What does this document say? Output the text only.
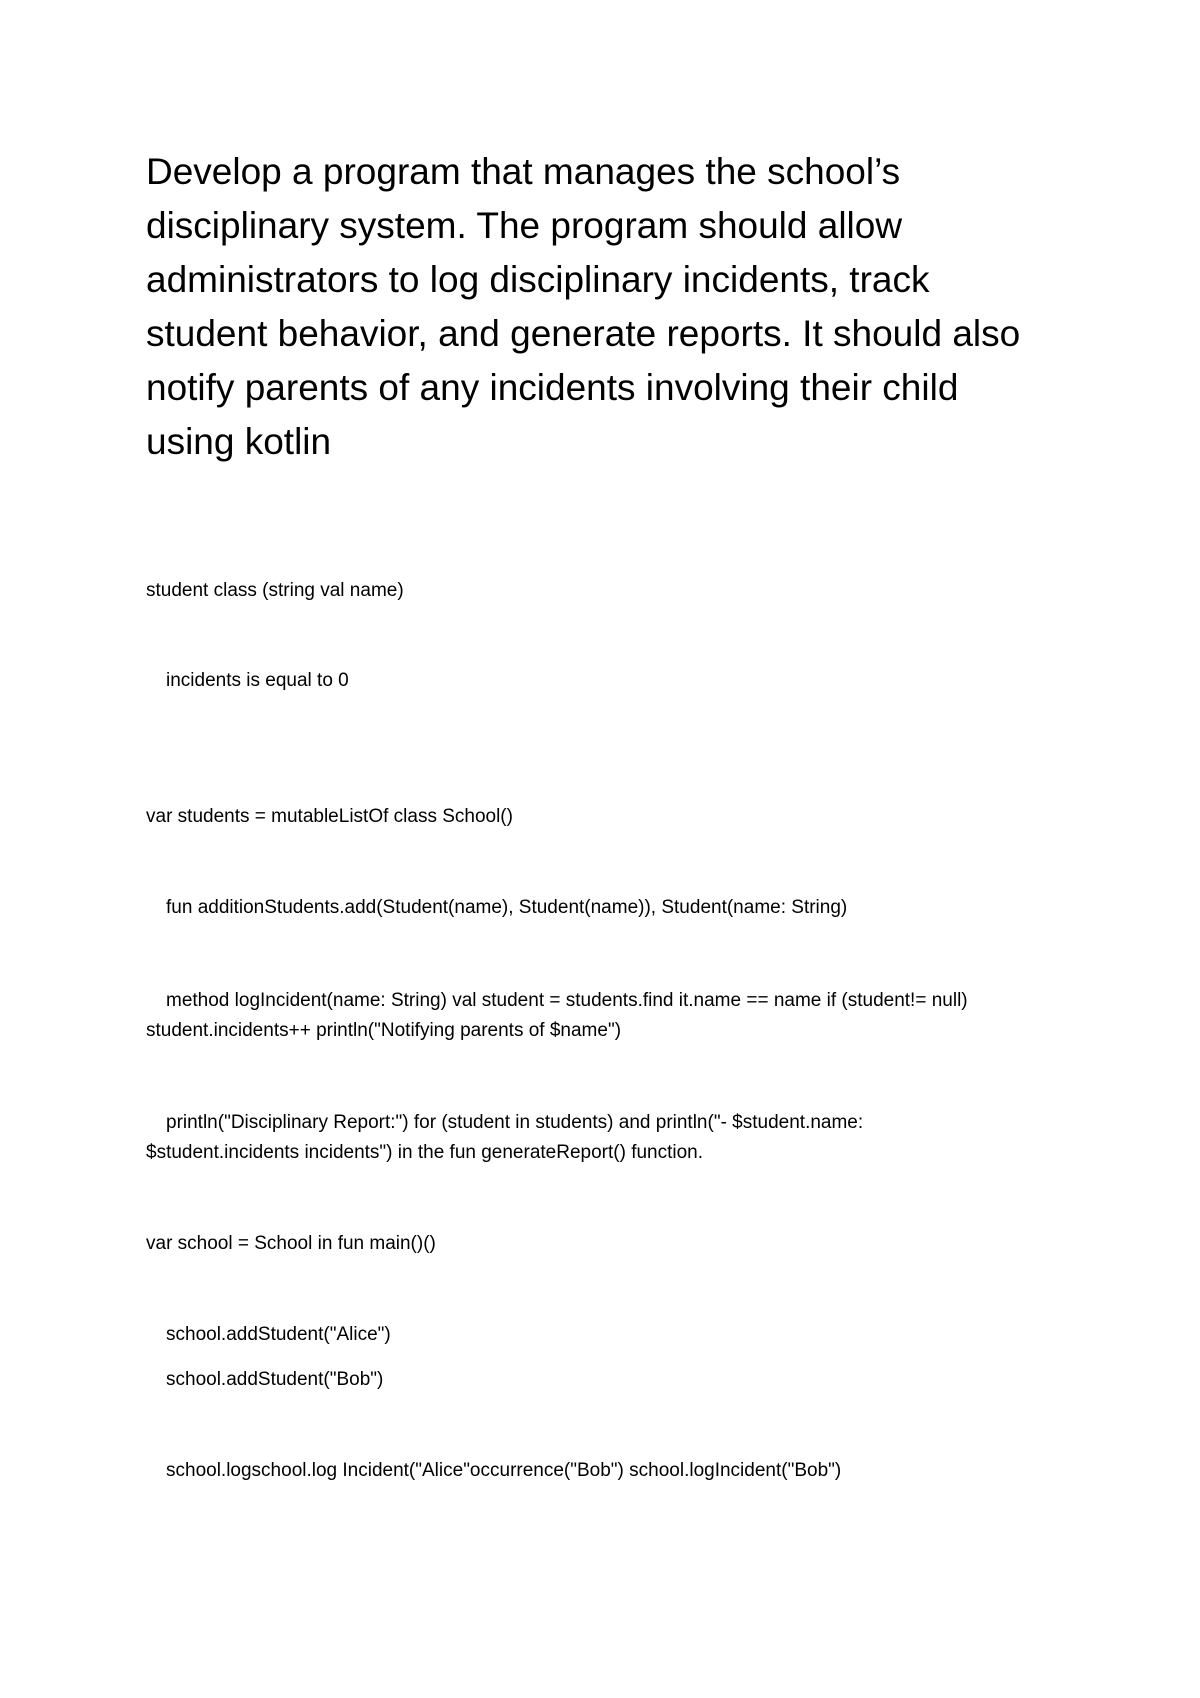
Develop a program that manages the school’s disciplinary system. The program should allow administrators to log disciplinary incidents, track student behavior, and generate reports. It should also notify parents of any incidents involving their child using kotlin

student class (string val name)

incidents is equal to 0

var students = mutableListOf class School()

fun additionStudents.add(Student(name), Student(name)), Student(name: String)

method logIncident(name: String) val student = students.find it.name == name if (student!= null)

student.incidents++ println("Notifying parents of $name")

println("Disciplinary Report:") for (student in students) and println("- $student.name:

$student.incidents incidents") in the fun generateReport() function.

var school = School in fun main()()

school.addStudent("Alice")

school.addStudent("Bob")

school.logschool.log Incident("Alice"occurrence("Bob") school.logIncident("Bob")
